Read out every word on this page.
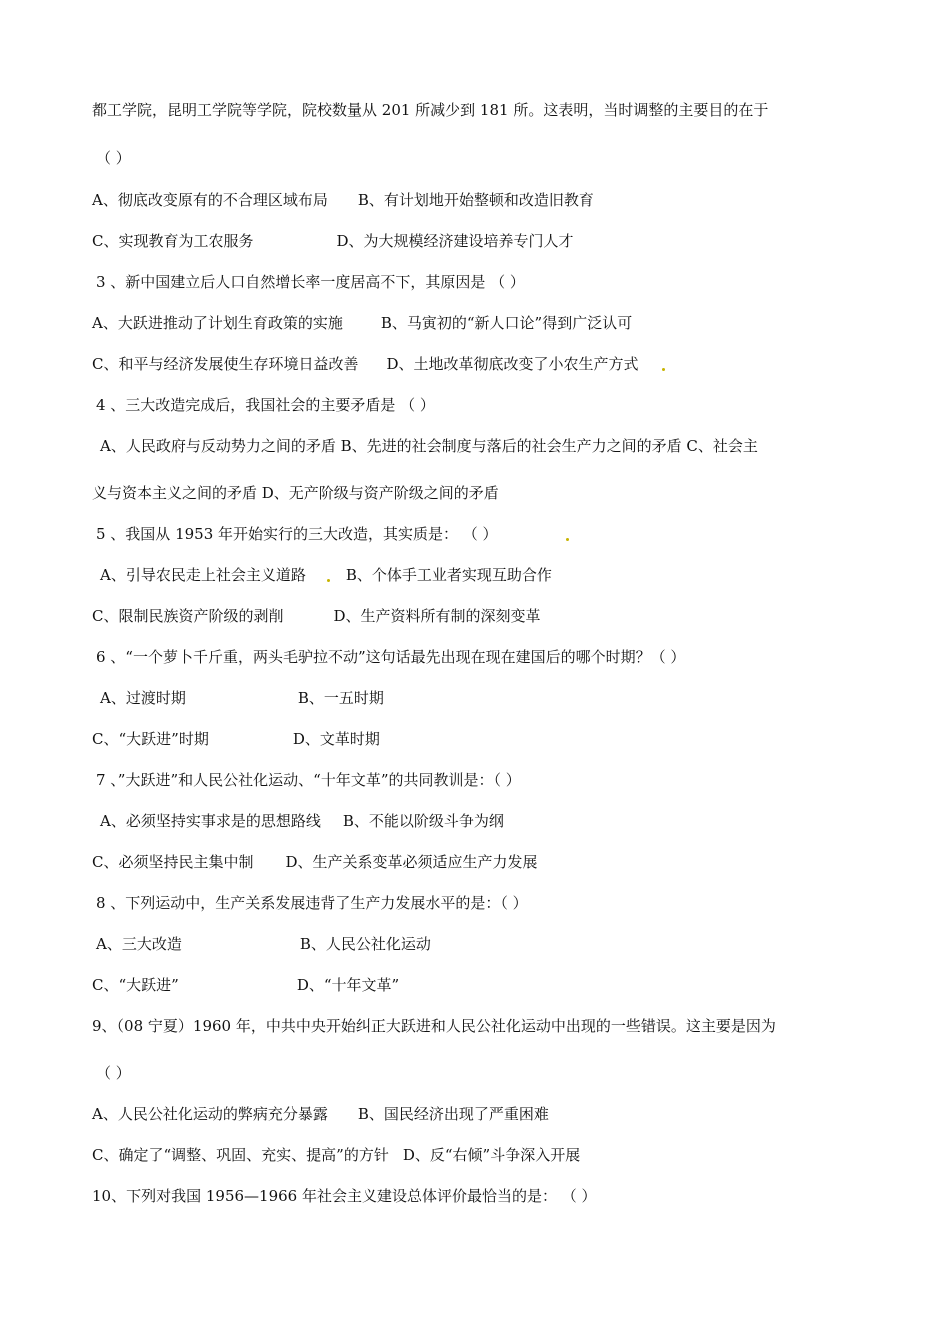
都工学院，昆明工学院等学院，院校数量从 201 所减少到 181 所。这表明，当时调整的主要目的在于
（ ）
A、彻底改变原有的不合理区域布局 B、有计划地开始整顿和改造旧教育
C、实现教育为工农服务	D、为大规模经济建设培养专门人才
3 、新中国建立后人口自然增长率一度居高不下，其原因是 （ ）
A、大跃进推动了计划生育政策的实施	B、马寅初的“新人口论”得到广泛认可
C、和平与经济发展使生存环境日益改善 D、土地改革彻底改变了小农生产方式
4 、三大改造完成后，我国社会的主要矛盾是 （ ）
A、人民政府与反动势力之间的矛盾 B、先进的社会制度与落后的社会生产力之间的矛盾 C、社会主
义与资本主义之间的矛盾 D、无产阶级与资产阶级之间的矛盾
5 、我国从 1953 年开始实行的三大改造，其实质是： （ ）
A、引导农民走上社会主义道路	B、个体手工业者实现互助合作
C、限制民族资产阶级的剥削	D、生产资料所有制的深刻变革
6 、“一个萝卜千斤重，两头毛驴拉不动”这句话最先出现在现在建国后的哪个时期？（ ）
A、过渡时期	B、一五时期
C、“大跃进”时期	D、文革时期
7 、”大跃进”和人民公社化运动、“十年文革”的共同教训是：（ ）
A、必须坚持实事求是的思想路线 B、不能以阶级斗争为纲
C、必须坚持民主集中制 D、生产关系变革必须适应生产力发展
8 、下列运动中，生产关系发展违背了生产力发展水平的是：（ ）
A、三大改造	B、人民公社化运动
C、“大跃进”	D、“十年文革”
9、（08 宁夏）1960 年，中共中央开始纠正大跃进和人民公社化运动中出现的一些错误。这主要是因为
（ ）
A、人民公社化运动的弊病充分暴露 B、国民经济出现了严重困难
C、确定了“调整、巩固、充实、提高”的方针 D、反“右倾”斗争深入开展
10、下列对我国 1956—1966 年社会主义建设总体评价最恰当的是： （ ）
